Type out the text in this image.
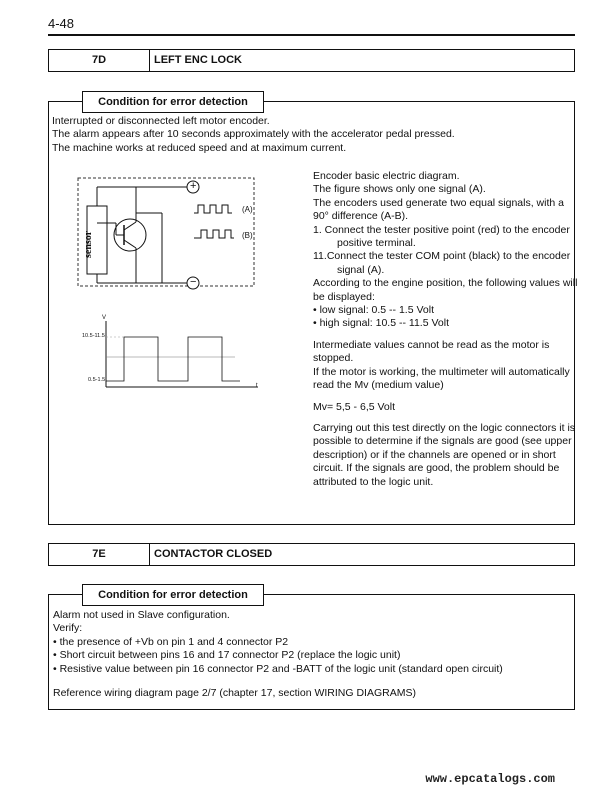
4-48
7D	LEFT ENC LOCK
Condition for error detection
Interrupted or disconnected left motor encoder.
The alarm appears after 10 seconds approximately with the accelerator pedal pressed.
The machine works at reduced speed and at maximum current.
+
−
(A)
(B)
sensor
V
t
10.5-11.5
0.5-1.5

Encoder basic electric diagram.

The figure shows only one signal (A).

The encoders used generate two equal signals, with a 90° difference (A-B).

1. Connect the tester positive point (red) to the encoder positive terminal.

11.Connect the tester COM point (black) to the encoder signal (A).

According to the engine position, the following values will be displayed:

• low signal: 0.5 -- 1.5 Volt

• high signal: 10.5 -- 11.5 Volt

Intermediate values cannot be read as the motor is stopped.

If the motor is working, the multimeter will automatically read the Mv (medium value)

Mv= 5,5 - 6,5 Volt

Carrying out this test directly on the logic connectors it is possible to determine if the signals are good (see upper description) or if the channels are opened or in short circuit. If the signals are good, the problem should be attributed to the logic unit.

7E	CONTACTOR CLOSED
Condition for error detection
Alarm not used in Slave configuration.
Verify:
• the presence of +Vb on pin 1 and 4 connector P2
• Short circuit between pins 16 and 17 connector P2 (replace the logic unit)
• Resistive value between pin 16 connector P2 and -BATT of the logic unit (standard open circuit)
Reference wiring diagram page 2/7 (chapter 17, section WIRING DIAGRAMS)
www.epcatalogs.com
